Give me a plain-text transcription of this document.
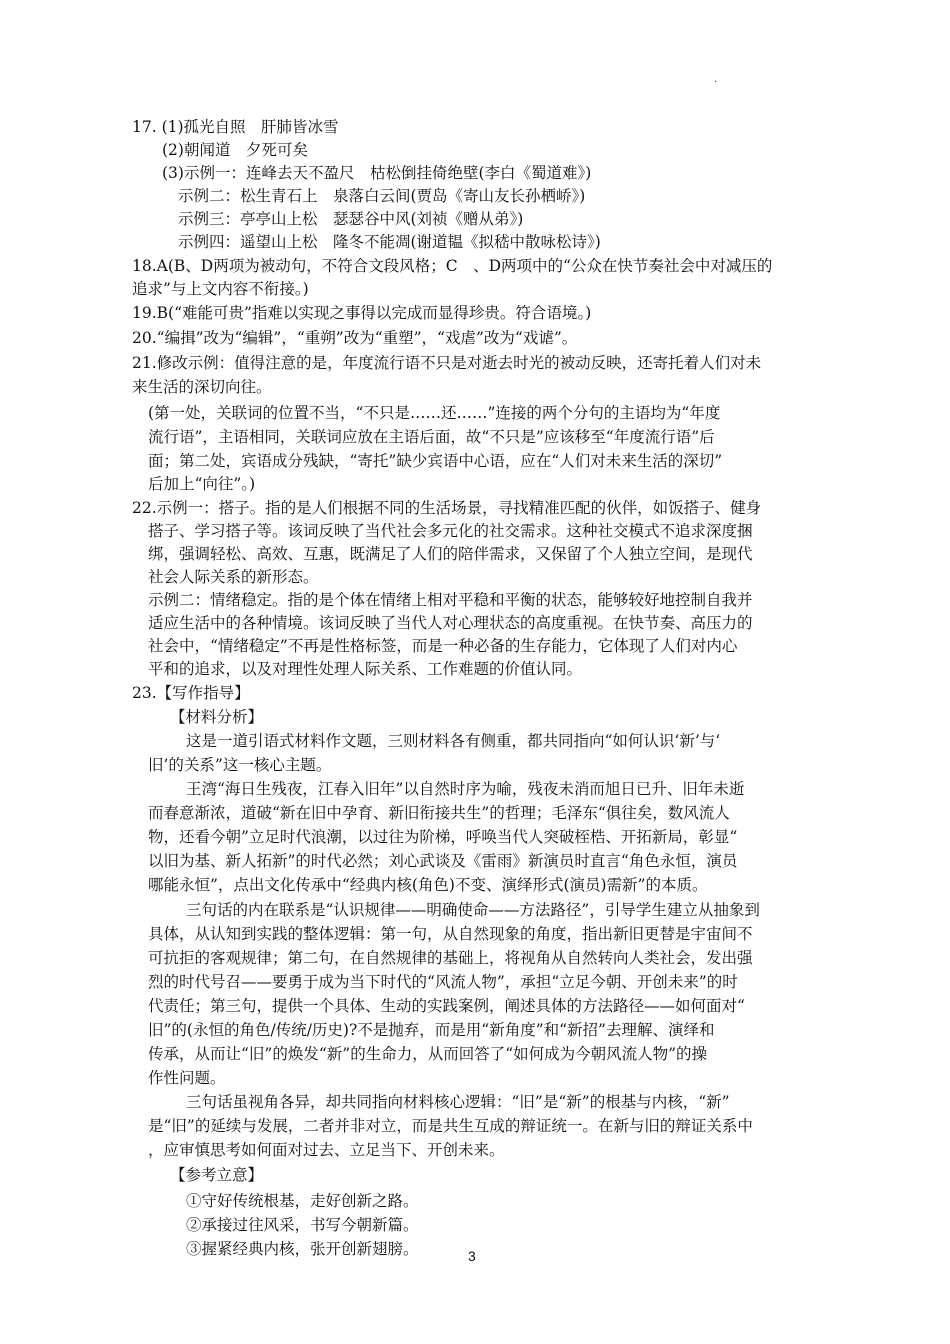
.
17. (1)孤光自照　肝肺皆冰雪
(2)朝闻道　夕死可矣
(3)示例一：连峰去天不盈尺　枯松倒挂倚绝壁(李白《蜀道难》)
示例二：松生青石上　泉落白云间(贾岛《寄山友长孙栖峤》)
示例三：亭亭山上松　瑟瑟谷中风(刘祯《赠从弟》)
示例四：遥望山上松　隆冬不能凋(谢道韫《拟嵇中散咏松诗》)
18.A(B、D两项为被动句，不符合文段风格；C　、D两项中的“公众在快节奏社会中对减压的
追求”与上文内容不衔接。)
19.B(“难能可贵”指难以实现之事得以完成而显得珍贵。符合语境。)
20.“编揖”改为“编辑”，“重朔”改为“重塑”，“戏虐”改为“戏谑”。
21.修改示例：值得注意的是，年度流行语不只是对逝去时光的被动反映，还寄托着人们对未
来生活的深切向往。
(第一处，关联词的位置不当，“不只是……还……”连接的两个分句的主语均为“年度
流行语”，主语相同，关联词应放在主语后面，故“不只是”应该移至“年度流行语”后
面；第二处，宾语成分残缺，“寄托”缺少宾语中心语，应在“人们对未来生活的深切”
后加上“向往”。)
22.示例一：搭子。指的是人们根据不同的生活场景，寻找精准匹配的伙伴，如饭搭子、健身
搭子、学习搭子等。该词反映了当代社会多元化的社交需求。这种社交模式不追求深度捆
绑，强调轻松、高效、互惠，既满足了人们的陪伴需求，又保留了个人独立空间，是现代
社会人际关系的新形态。
示例二：情绪稳定。指的是个体在情绪上相对平稳和平衡的状态，能够较好地控制自我并
适应生活中的各种情境。该词反映了当代人对心理状态的高度重视。在快节奏、高压力的
社会中，“情绪稳定”不再是性格标签，而是一种必备的生存能力，它体现了人们对内心
平和的追求，以及对理性处理人际关系、工作难题的价值认同。
23.【写作指导】
【材料分析】
这是一道引语式材料作文题，三则材料各有侧重，都共同指向“如何认识‘新’与‘
旧’的关系”这一核心主题。
王湾“海日生残夜，江春入旧年”以自然时序为喻，残夜未消而旭日已升、旧年未逝
而春意渐浓，道破“新在旧中孕育、新旧衔接共生”的哲理；毛泽东“俱往矣，数风流人
物，还看今朝”立足时代浪潮，以过往为阶梯，呼唤当代人突破桎梏、开拓新局，彰显“
以旧为基、新人拓新”的时代必然；刘心武谈及《雷雨》新演员时直言“角色永恒，演员
哪能永恒”，点出文化传承中“经典内核(角色)不变、演绎形式(演员)需新”的本质。
三句话的内在联系是“认识规律——明确使命——方法路径”，引导学生建立从抽象到
具体，从认知到实践的整体逻辑：第一句，从自然现象的角度，指出新旧更替是宇宙间不
可抗拒的客观规律；第二句，在自然规律的基础上，将视角从自然转向人类社会，发出强
烈的时代号召——要勇于成为当下时代的“风流人物”，承担“立足今朝、开创未来”的时
代责任；第三句，提供一个具体、生动的实践案例，阐述具体的方法路径——如何面对“
旧”的(永恒的角色/传统/历史)?不是抛弃，而是用“新角度”和“新招”去理解、演绎和
传承，从而让“旧”的焕发“新”的生命力，从而回答了“如何成为今朝风流人物”的操
作性问题。
三句话虽视角各异，却共同指向材料核心逻辑：“旧”是“新”的根基与内核，“新”
是“旧”的延续与发展，二者并非对立，而是共生互成的辩证统一。在新与旧的辩证关系中
，应审慎思考如何面对过去、立足当下、开创未来。
【参考立意】
①守好传统根基，走好创新之路。
②承接过往风采，书写今朝新篇。
③握紧经典内核，张开创新翅膀。	3
